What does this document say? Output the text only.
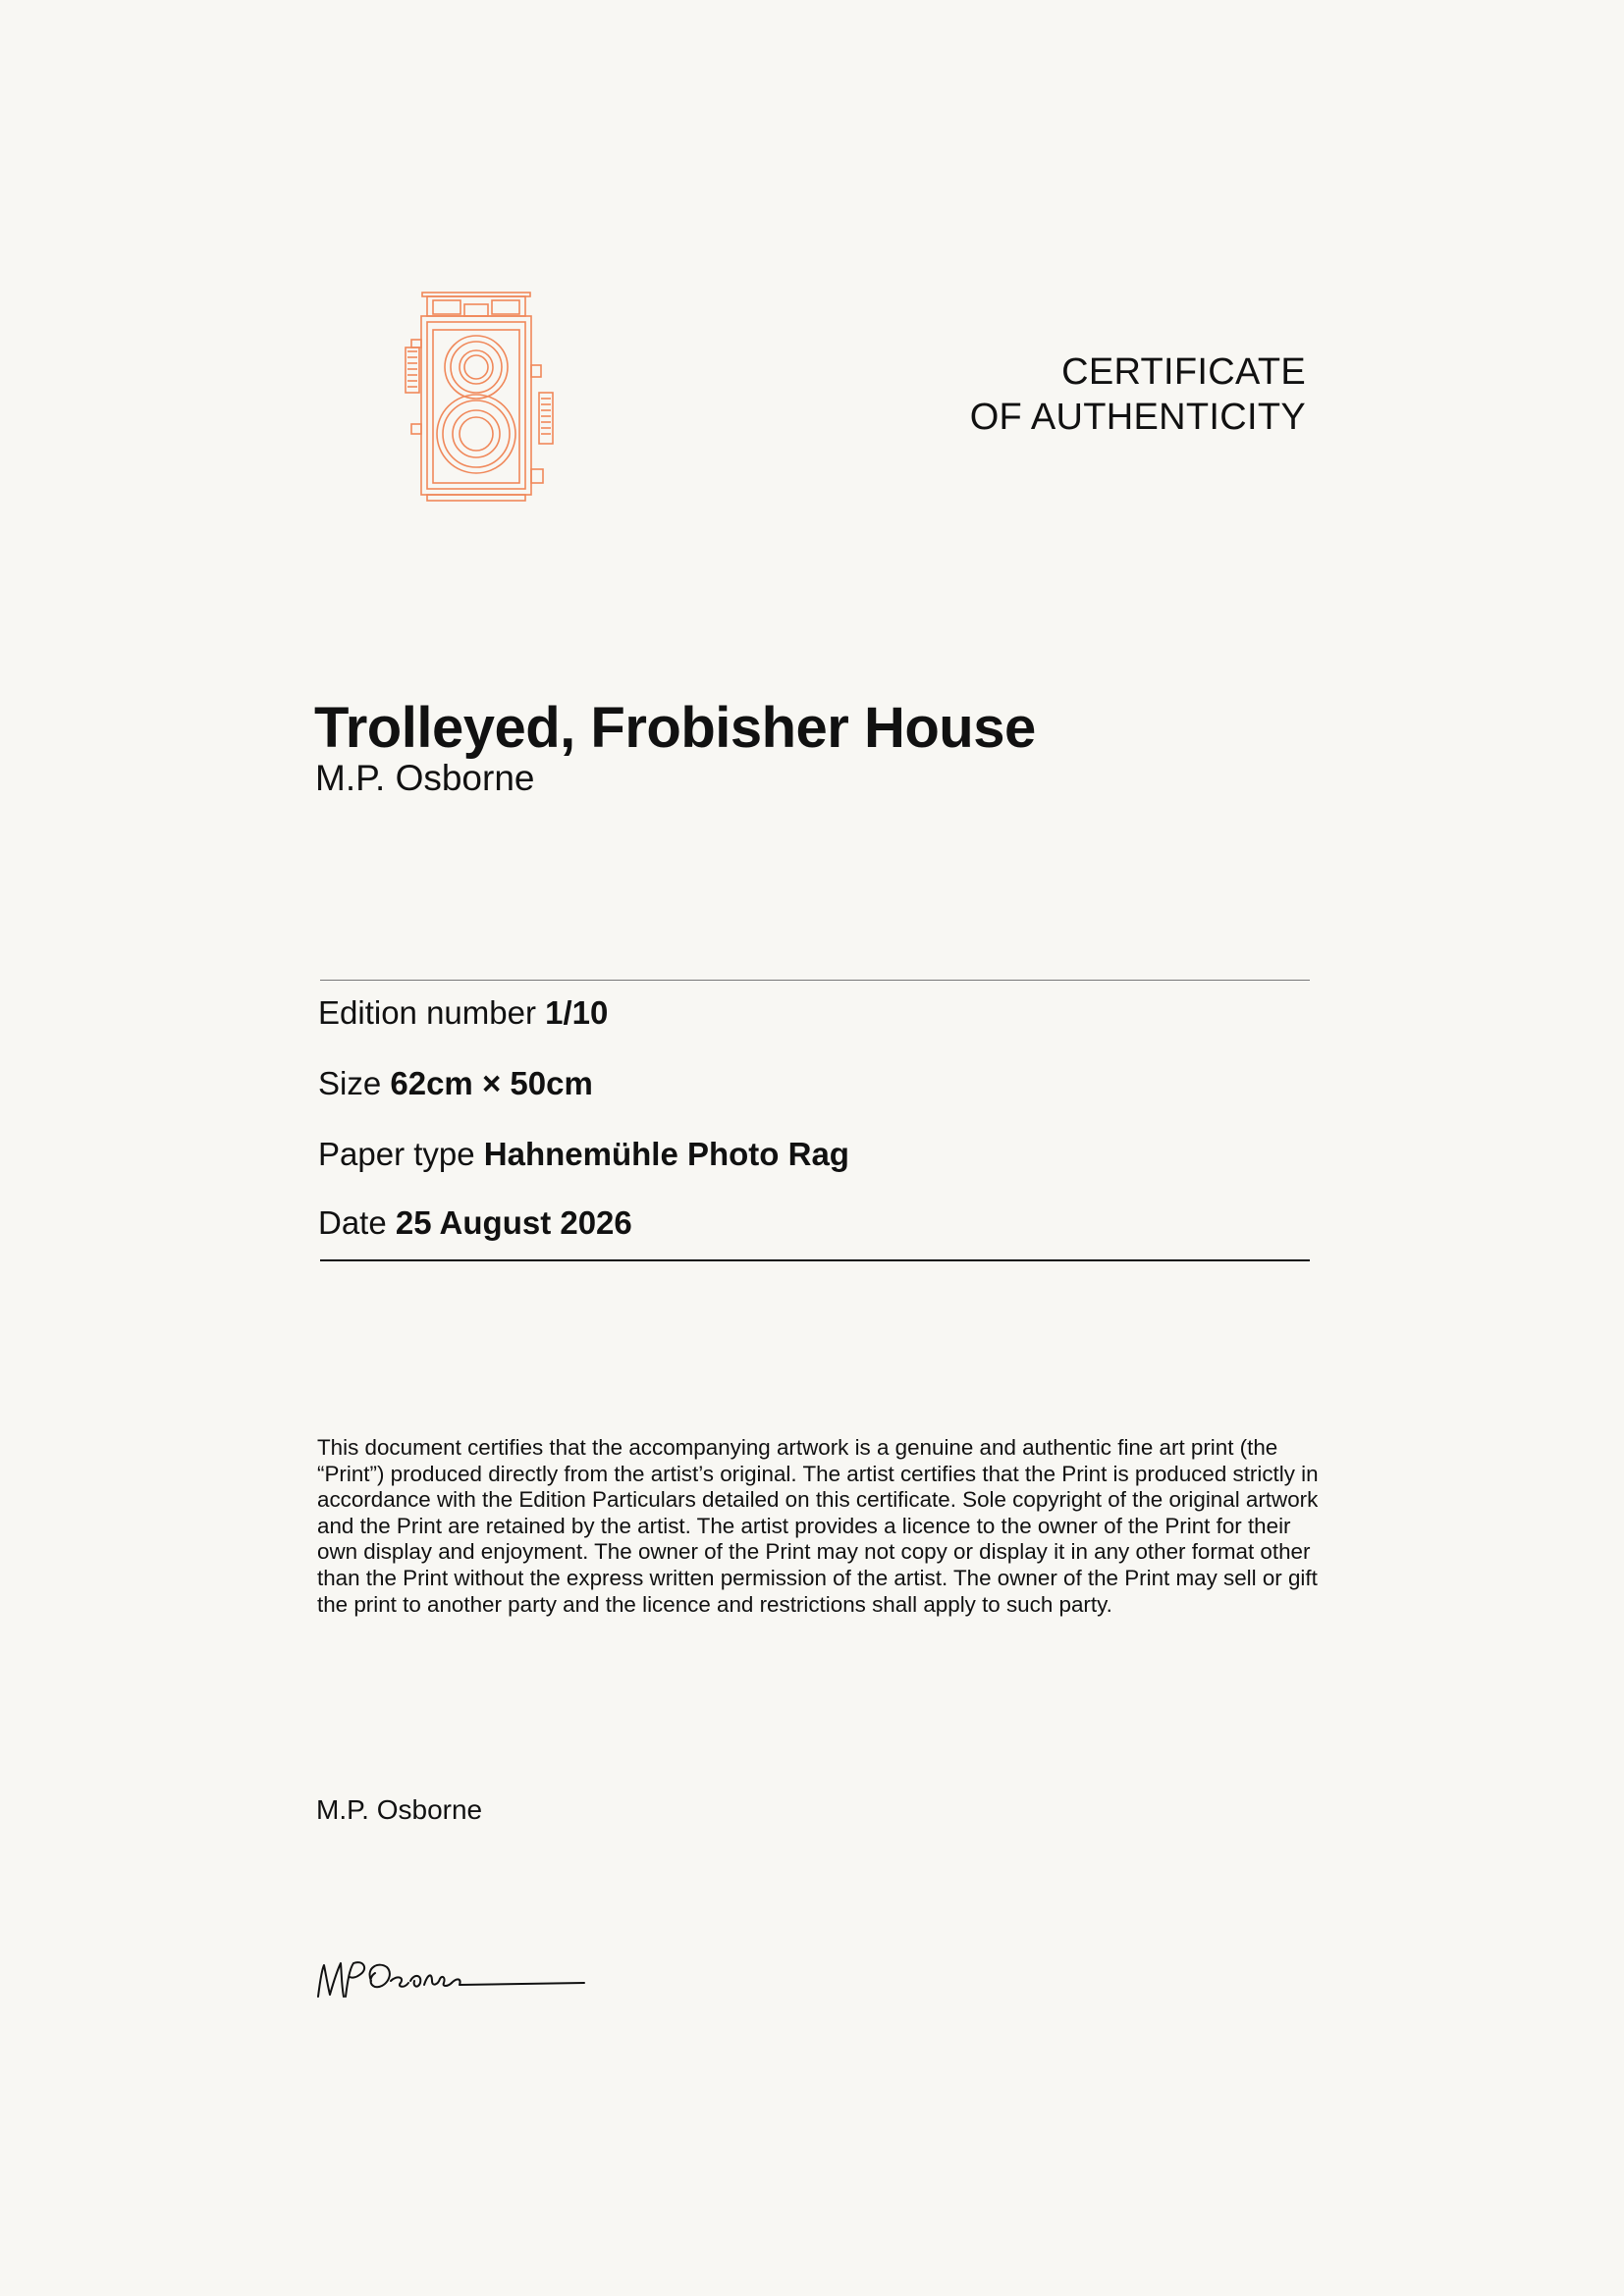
CERTIFICATE
OF AUTHENTICITY
Trolleyed, Frobisher House
M.P. Osborne
Edition number 1/10
Size 62cm × 50cm
Paper type Hahnemühle Photo Rag
Date 25 August 2026
This document certifies that the accompanying artwork is a genuine and authentic fine art print (the “Print”) produced directly from the artist’s original. The artist certifies that the Print is produced strictly in accordance with the Edition Particulars detailed on this certificate. Sole copyright of the original artwork and the Print are retained by the artist. The artist provides a licence to the owner of the Print for their own display and enjoyment. The owner of the Print may not copy or display it in any other format other than the Print without the express written permission of the artist. The owner of the Print may sell or gift the print to another party and the licence and restrictions shall apply to such party.
M.P. Osborne
